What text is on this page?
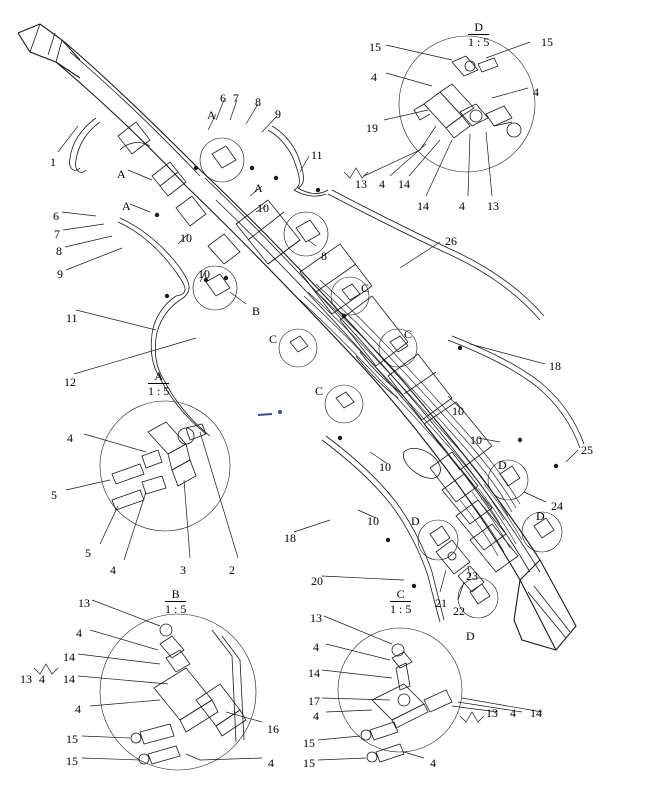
D
1 : 5
A
1 : 5
B
1 : 5
C
1 : 5
15	15
4
4
19
13 4 14
14	4 13
1
6 7 8
9
A
A
A
11
10
8
A
6
7
8
9
10
11
10
B
12
26
C
C	C
C
18
10
10
25
D
24
D
10
10
18
D
20
21
22
23
D
4
5
5
4	3	2
13
4
14
14
4
13 4
15
15
16
4
13
4
14
17
4
15
15	4
13 4 14
